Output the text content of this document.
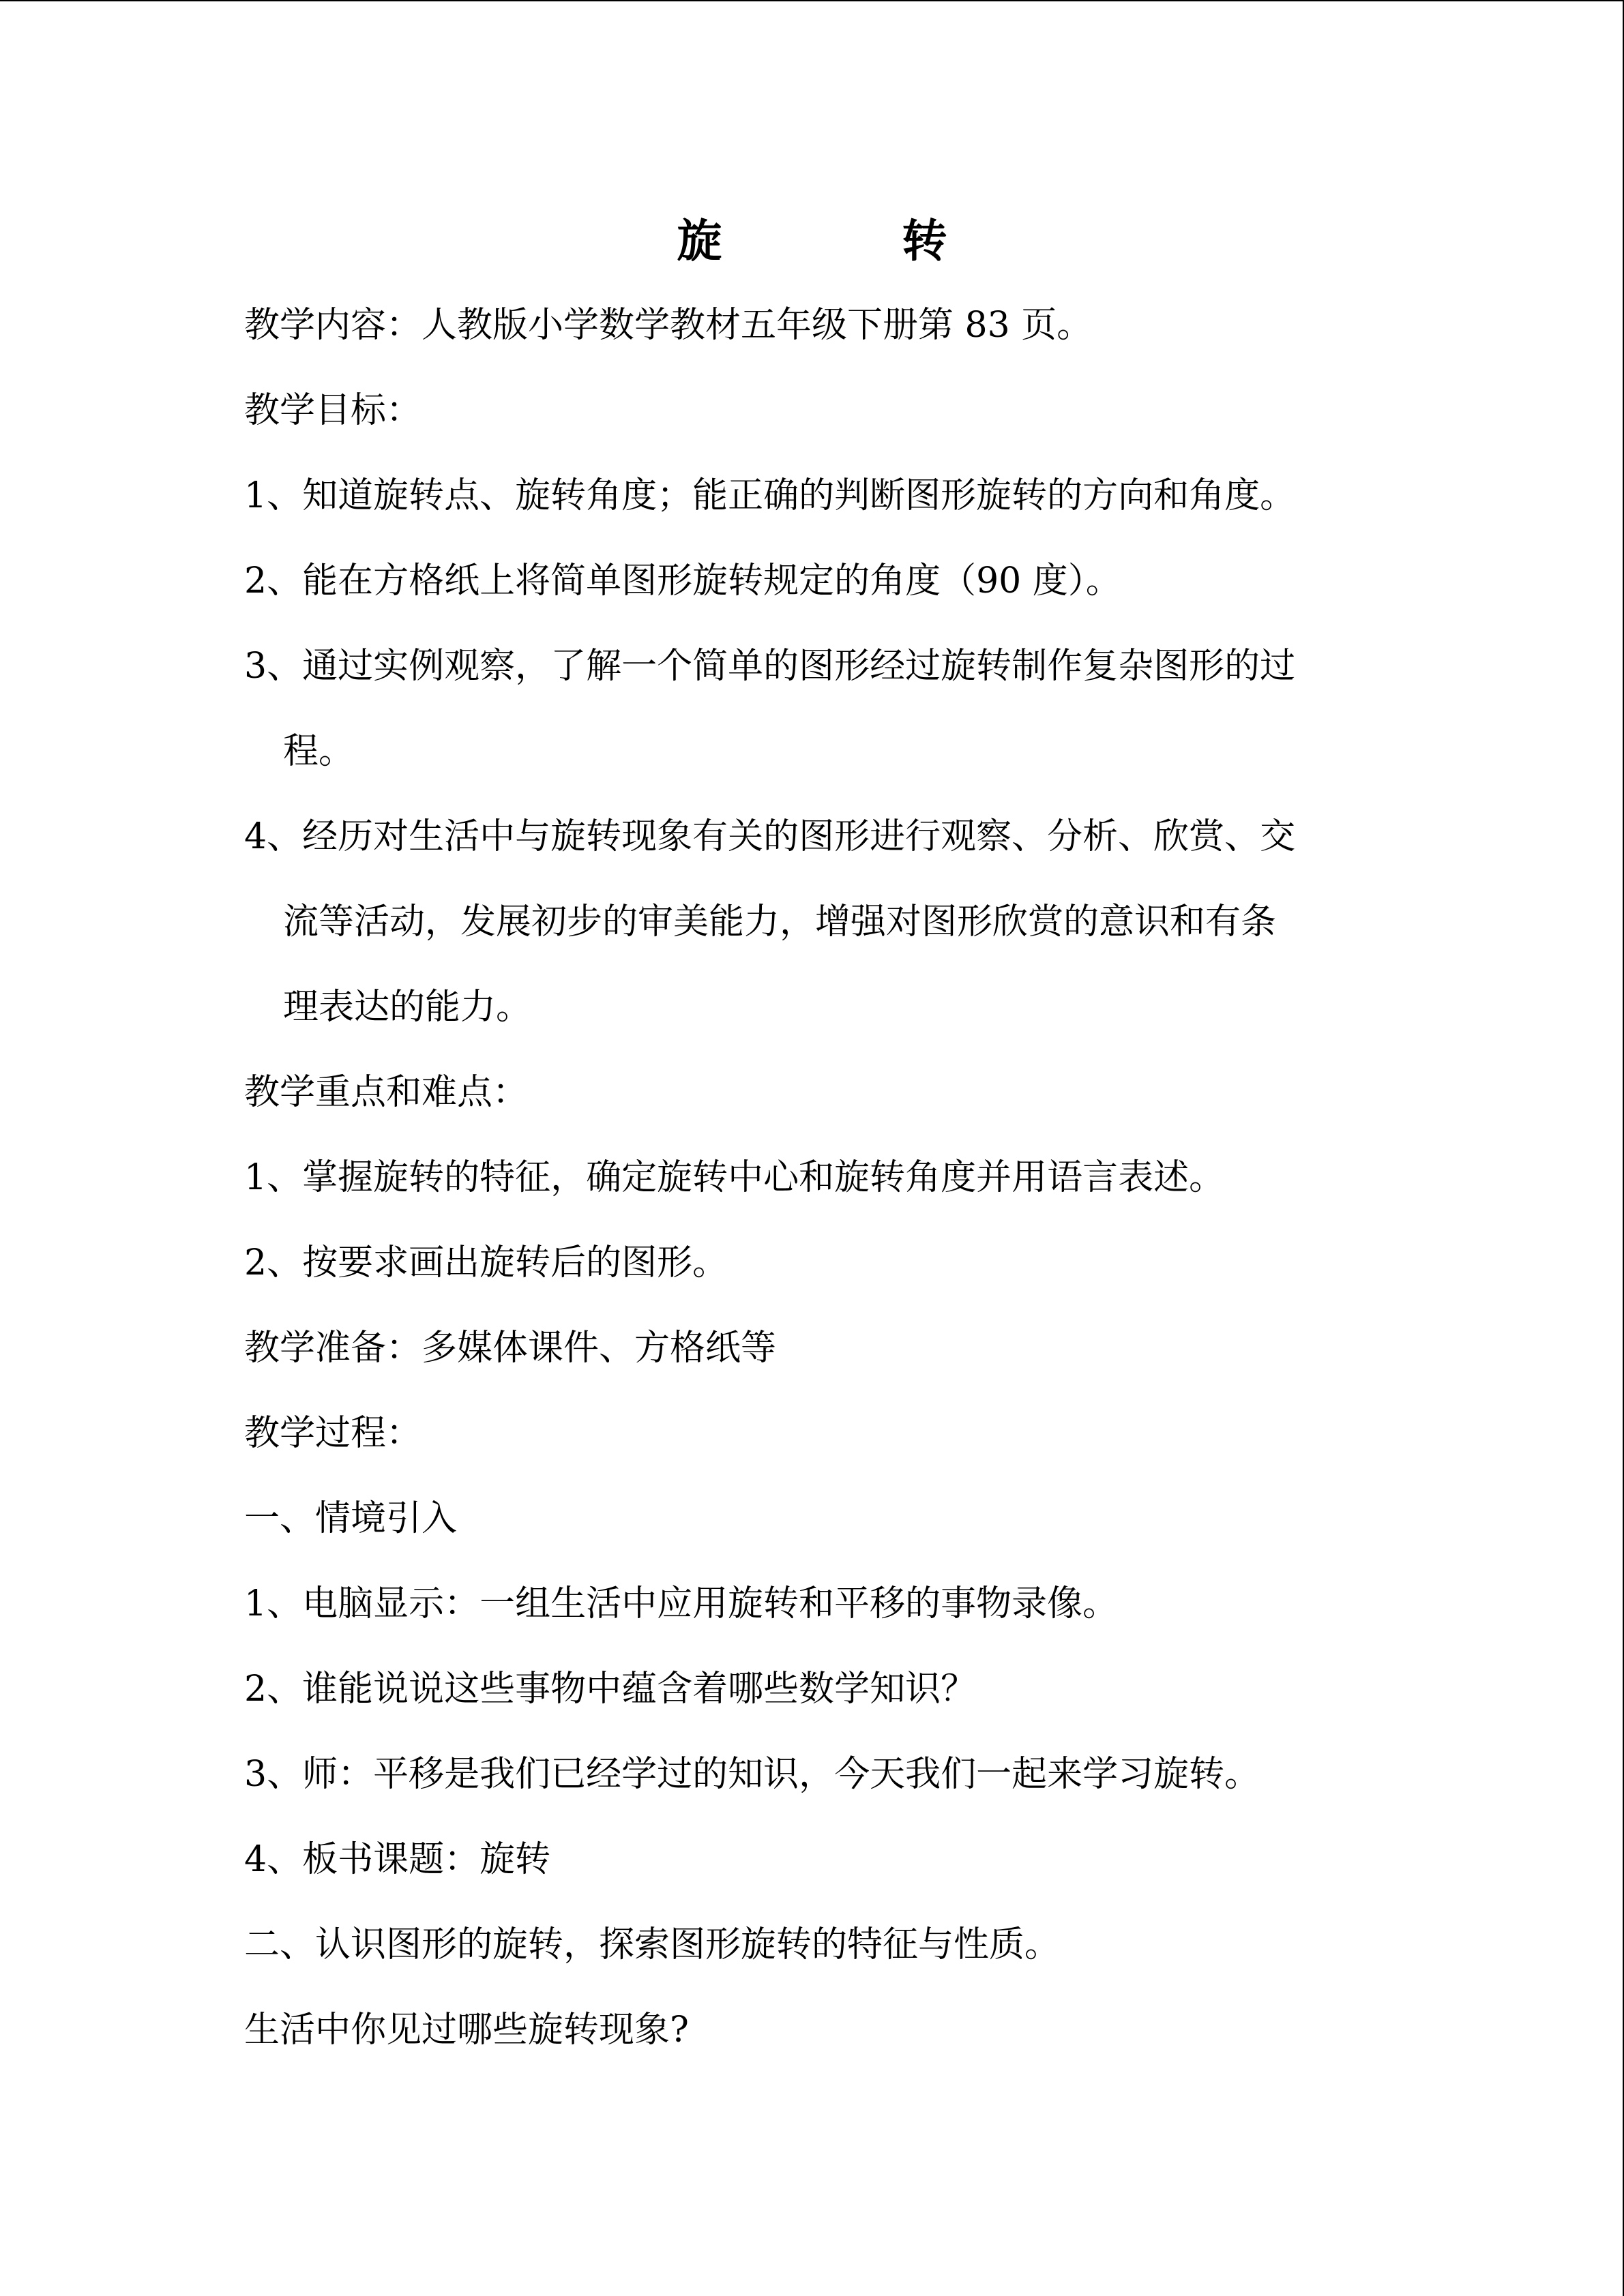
旋	转
教学内容：人教版小学数学教材五年级下册第 83 页。
教学目标：
1、知道旋转点、旋转角度；能正确的判断图形旋转的方向和角度。
2、能在方格纸上将简单图形旋转规定的角度（90 度）。
3、通过实例观察，了解一个简单的图形经过旋转制作复杂图形的过
程。
4、经历对生活中与旋转现象有关的图形进行观察、分析、欣赏、交
流等活动，发展初步的审美能力，增强对图形欣赏的意识和有条
理表达的能力。
教学重点和难点：
1、掌握旋转的特征，确定旋转中心和旋转角度并用语言表述。
2、按要求画出旋转后的图形。
教学准备：多媒体课件、方格纸等
教学过程：
一、情境引入
1、电脑显示：一组生活中应用旋转和平移的事物录像。
2、谁能说说这些事物中蕴含着哪些数学知识？
3、师：平移是我们已经学过的知识，今天我们一起来学习旋转。
4、板书课题：旋转
二、认识图形的旋转，探索图形旋转的特征与性质。
生活中你见过哪些旋转现象?
